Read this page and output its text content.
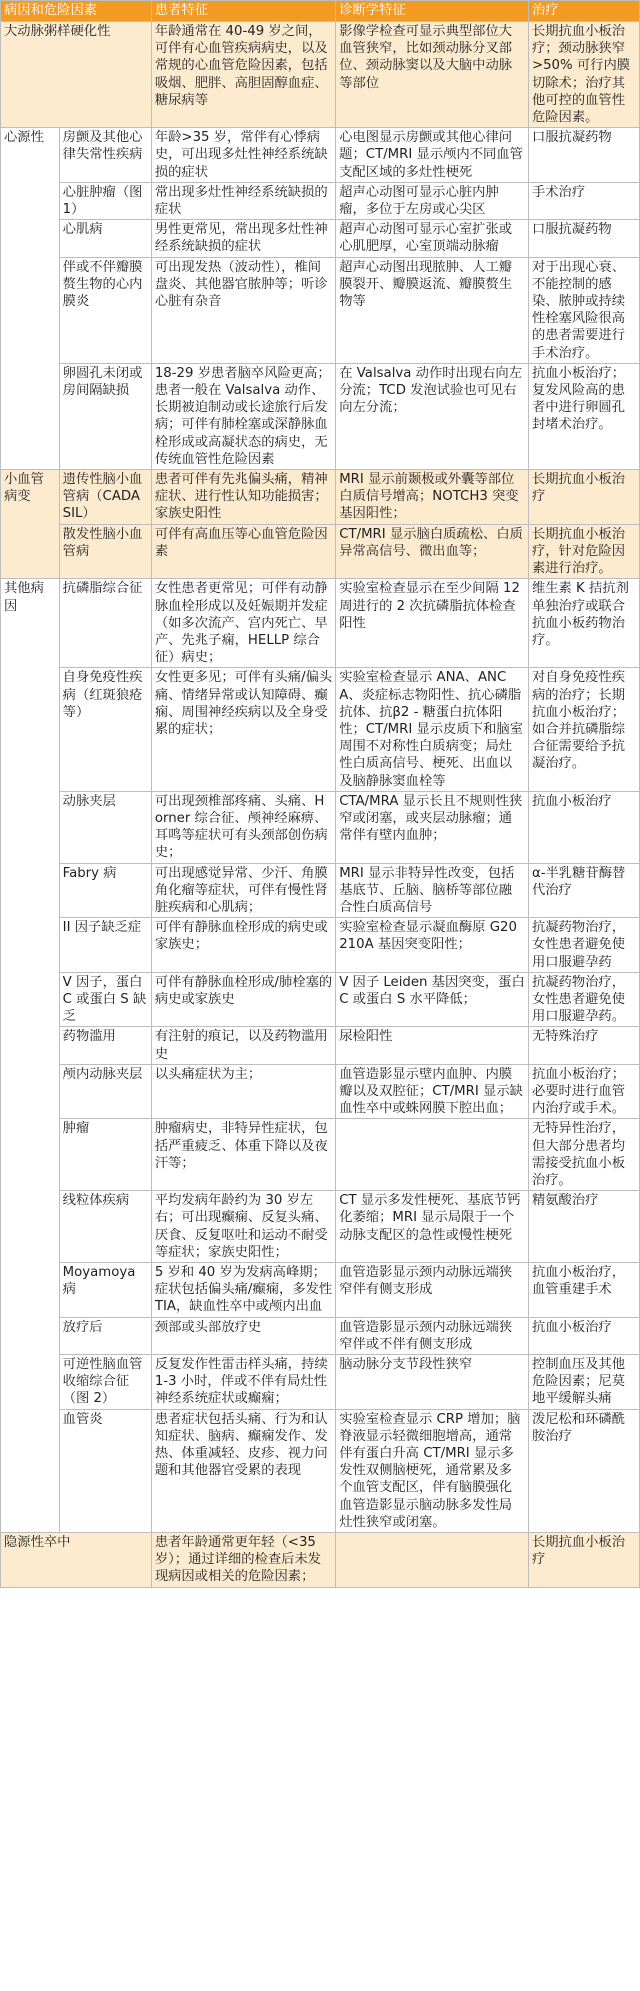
病因和危险因素		患者特征	诊断学特征	治疗
大动脉粥样硬化性		年龄通常在 40-49 岁之间，可伴有心血管疾病病史，以及常规的心血管危险因素，包括吸烟、肥胖、高胆固醇血症、糖尿病等	影像学检查可显示典型部位大血管狭窄，比如颈动脉分叉部位、颈动脉窦以及大脑中动脉等部位	长期抗血小板治疗；颈动脉狭窄>50% 可行内膜切除术；治疗其他可控的血管性危险因素。
心源性	房颤及其他心律失常性疾病	年龄>35 岁，常伴有心悸病史，可出现多灶性神经系统缺损的症状	心电图显示房颤或其他心律问题；CT/MRI 显示颅内不同血管支配区域的多灶性梗死	口服抗凝药物
	心脏肿瘤（图1）	常出现多灶性神经系统缺损的症状	超声心动图可显示心脏内肿瘤，多位于左房或心尖区	手术治疗
	心肌病	男性更常见，常出现多灶性神经系统缺损的症状	超声心动图可显示心室扩张或心肌肥厚，心室顶端动脉瘤	口服抗凝药物
	伴或不伴瓣膜赘生物的心内膜炎	可出现发热（波动性），椎间盘炎、其他器官脓肿等；听诊心脏有杂音	超声心动图出现脓肿、人工瓣膜裂开、瓣膜返流、瓣膜赘生物等	对于出现心衰、不能控制的感染、脓肿或持续性栓塞风险很高的患者需要进行手术治疗。
	卵圆孔未闭或房间隔缺损	18-29 岁患者脑卒风险更高；患者一般在 Valsalva 动作、长期被迫制动或长途旅行后发病；可伴有肺栓塞或深静脉血栓形成或高凝状态的病史，无传统血管性危险因素	在 Valsalva 动作时出现右向左分流；TCD 发泡试验也可见右向左分流；	抗血小板治疗；复发风险高的患者中进行卵圆孔封堵术治疗。
小血管病变	遗传性脑小血管病（CADASIL）	患者可伴有先兆偏头痛，精神症状、进行性认知功能损害；家族史阳性	MRI 显示前颞极或外囊等部位白质信号增高；NOTCH3 突变基因阳性；	长期抗血小板治疗
	散发性脑小血管病	可伴有高血压等心血管危险因素	CT/MRI 显示脑白质疏松、白质异常高信号、微出血等；	长期抗血小板治疗，针对危险因素进行治疗。
其他病因	抗磷脂综合征	女性患者更常见；可伴有动静脉血栓形成以及妊娠期并发症（如多次流产、宫内死亡、早产、先兆子痫，HELLP 综合征）病史；	实验室检查显示在至少间隔 12 周进行的 2 次抗磷脂抗体检查阳性	维生素 K 拮抗剂单独治疗或联合抗血小板药物治疗。
	自身免疫性疾病（红斑狼疮等）	女性更多见；可伴有头痛/偏头痛、情绪异常或认知障碍、癫痫、周围神经疾病以及全身受累的症状；	实验室检查显示 ANA、ANCA、炎症标志物阳性、抗心磷脂抗体、抗β2 - 糖蛋白抗体阳性；CT/MRI 显示皮质下和脑室周围不对称性白质病变；局灶性白质高信号、梗死、出血以及脑静脉窦血栓等	对自身免疫性疾病的治疗；长期抗血小板治疗；如合并抗磷脂综合征需要给予抗凝治疗。
	动脉夹层	可出现颈椎部疼痛、头痛、Horner 综合征、颅神经麻痹、耳鸣等症状可有头颈部创伤病史；	CTA/MRA 显示长且不规则性狭窄或闭塞，或夹层动脉瘤；通常伴有壁内血肿；	抗血小板治疗
	Fabry 病	可出现感觉异常、少汗、角膜角化瘤等症状，可伴有慢性肾脏疾病和心肌病；	MRI 显示非特异性改变，包括基底节、丘脑、脑桥等部位融合性白质高信号	α-半乳糖苷酶替代治疗
	II 因子缺乏症	可伴有静脉血栓形成的病史或家族史；	实验室检查显示凝血酶原 G20210A 基因突变阳性；	抗凝药物治疗，女性患者避免使用口服避孕药
	V 因子，蛋白 C 或蛋白 S 缺乏	可伴有静脉血栓形成/肺栓塞的病史或家族史	V 因子 Leiden 基因突变，蛋白 C 或蛋白 S 水平降低；	抗凝药物治疗，女性患者避免使用口服避孕药。
	药物滥用	有注射的痕记，以及药物滥用史	尿检阳性	无特殊治疗
	颅内动脉夹层	以头痛症状为主；	血管造影显示壁内血肿、内膜瓣以及双腔征；CT/MRI 显示缺血性卒中或蛛网膜下腔出血；	抗血小板治疗；必要时进行血管内治疗或手术。
	肿瘤	肿瘤病史，非特异性症状，包括严重疲乏、体重下降以及夜汗等；		无特异性治疗，但大部分患者均需接受抗血小板治疗。
	线粒体疾病	平均发病年龄约为 30 岁左右；可出现癫痫、反复头痛、厌食、反复呕吐和运动不耐受等症状；家族史阳性；	CT 显示多发性梗死、基底节钙化萎缩；MRI 显示局限于一个动脉支配区的急性或慢性梗死	精氨酸治疗
	Moyamoya 病	5 岁和 40 岁为发病高峰期；症状包括偏头痛/癫痫，多发性 TIA，缺血性卒中或颅内出血	血管造影显示颈内动脉远端狭窄伴有侧支形成	抗血小板治疗，血管重建手术
	放疗后	颈部或头部放疗史	血管造影显示颈内动脉远端狭窄伴或不伴有侧支形成	抗血小板治疗
	可逆性脑血管收缩综合征（图 2）	反复发作性雷击样头痛，持续 1-3 小时，伴或不伴有局灶性神经系统症状或癫痫；	脑动脉分支节段性狭窄	控制血压及其他危险因素；尼莫地平缓解头痛
	血管炎	患者症状包括头痛、行为和认知症状、脑病、癫痫发作、发热、体重减轻、皮疹、视力问题和其他器官受累的表现	实验室检查显示 CRP 增加；脑脊液显示轻微细胞增高，通常伴有蛋白升高 CT/MRI 显示多发性双侧脑梗死，通常累及多个血管支配区，伴有脑膜强化血管造影显示脑动脉多发性局灶性狭窄或闭塞。	泼尼松和环磷酰胺治疗
隐源性卒中		患者年龄通常更年轻（<35 岁）；通过详细的检查后未发现病因或相关的危险因素；		长期抗血小板治疗
